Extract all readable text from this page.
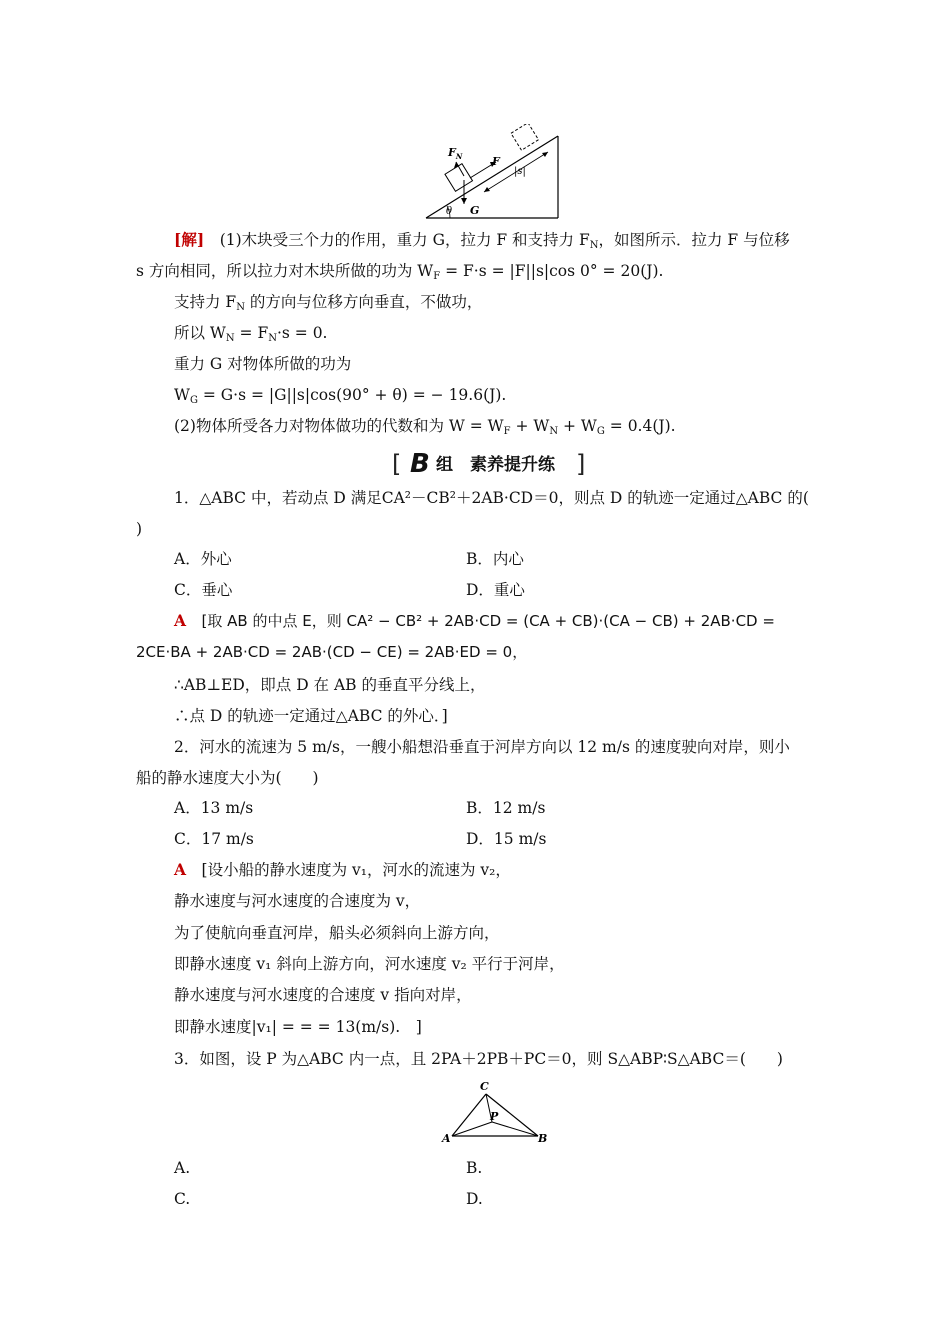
$F_N$	F
G
θ
|s|
[解]　 (1)木块受三个力的作用，重力 G，拉力 F 和支持力 $F_N$，如图所示．拉力 F 与位移
s 方向相同，所以拉力对木块所做的功为 $W_F = F\cdot s = |F||s|\cos$ 0° = 20(J).
支持力 $F_N$ 的方向与位移方向垂直，不做功，
所以 $W_N = F_N\cdot s = 0$.
重力 G 对物体所做的功为
$W_G = G\cdot s = |G||s|\cos(90^\circ + \theta)$ = − 19.6(J).
(2)物体所受各力对物体做功的代数和为 $W = W_F + W_N + W_G = 0.4(J)$.
[ B 组　素养提升练 ]
1．△ABC 中，若动点 D 满足CA²－CB²＋2AB·CD＝0，则点 D 的轨迹一定通过△ABC 的(
)
A．外心	B．内心
C．垂心	D．重心
A　 [取 AB 的中点 E，则 CA² − CB² + 2AB·CD = (CA + CB)·(CA − CB) + 2AB·CD =
2CE·BA + 2AB·CD = 2AB·(CD − CE) = 2AB·ED = 0，
∴AB⊥ED，即点 D 在 AB 的垂直平分线上，
∴点 D 的轨迹一定通过△ABC 的外心．]
2．河水的流速为 5 m/s，一艘小船想沿垂直于河岸方向以 12 m/s 的速度驶向对岸，则小
船的静水速度大小为(　　)
A．13 m/s	B．12 m/s
C．17 m/s	D．15 m/s
A　 [设小船的静水速度为 v₁，河水的流速为 v₂，
静水速度与河水速度的合速度为 v，
为了使航向垂直河岸，船头必须斜向上游方向，
即静水速度 v₁ 斜向上游方向，河水速度 v₂ 平行于河岸，
静水速度与河水速度的合速度 v 指向对岸，
即静水速度|v₁| = = = 13(m/s).　]
3．如图，设 P 为△ABC 内一点，且 2PA＋2PB＋PC＝0，则 S△ABP∶S△ABC＝(　　)
C
P
A	B
A.	B.
C.	D.
